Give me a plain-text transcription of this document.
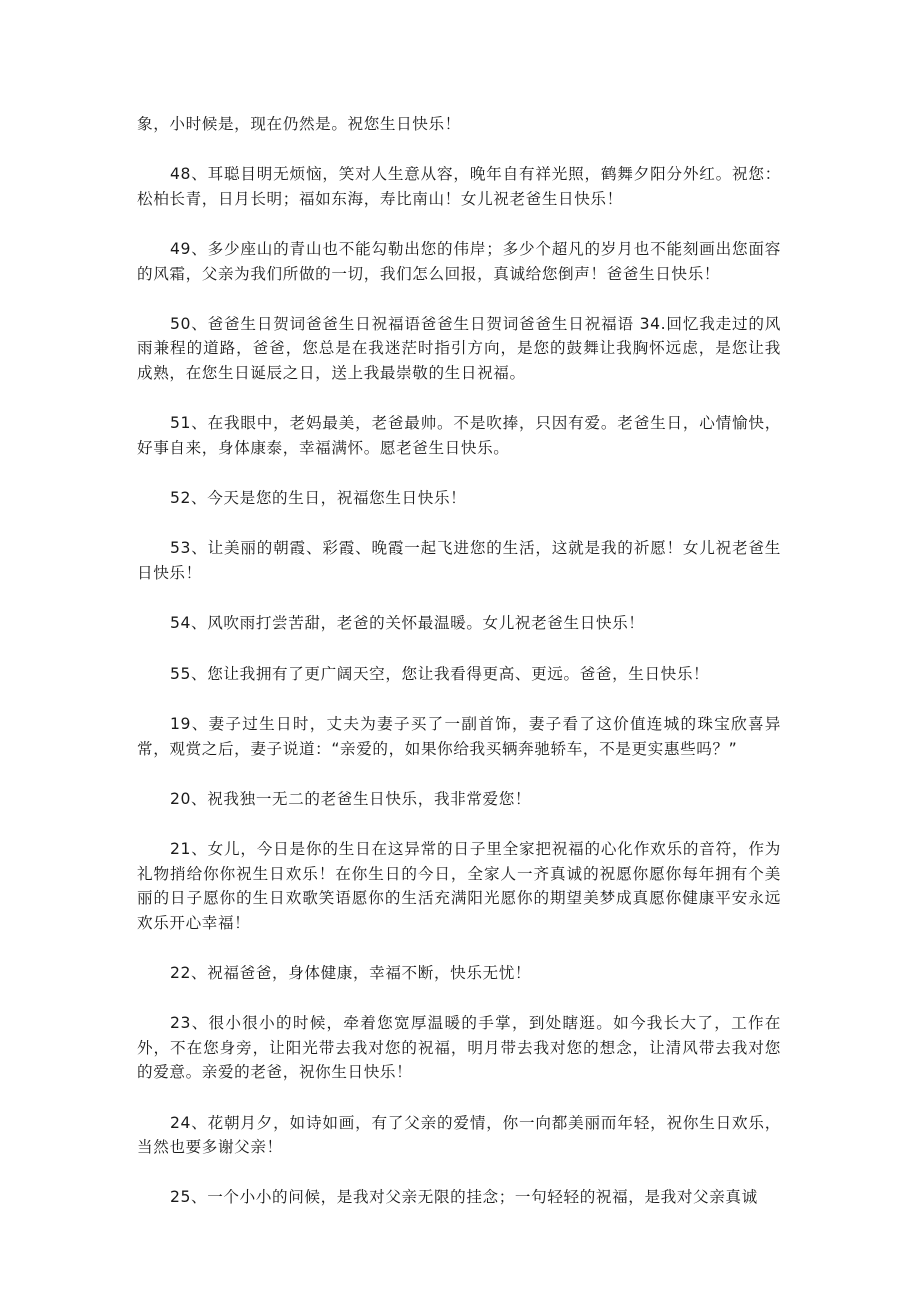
象，小时候是，现在仍然是。祝您生日快乐！

48、耳聪目明无烦恼，笑对人生意从容，晚年自有祥光照，鹤舞夕阳分外红。祝您：松柏长青，日月长明；福如东海，寿比南山！女儿祝老爸生日快乐！

49、多少座山的青山也不能勾勒出您的伟岸；多少个超凡的岁月也不能刻画出您面容的风霜，父亲为我们所做的一切，我们怎么回报，真诚给您倒声！爸爸生日快乐！

50、爸爸生日贺词爸爸生日祝福语爸爸生日贺词爸爸生日祝福语 34.回忆我走过的风雨兼程的道路，爸爸，您总是在我迷茫时指引方向，是您的鼓舞让我胸怀远虑，是您让我成熟，在您生日诞辰之日，送上我最崇敬的生日祝福。

51、在我眼中，老妈最美，老爸最帅。不是吹捧，只因有爱。老爸生日，心情愉快，好事自来，身体康泰，幸福满怀。愿老爸生日快乐。

52、今天是您的生日，祝福您生日快乐！

53、让美丽的朝霞、彩霞、晚霞一起飞进您的生活，这就是我的祈愿！女儿祝老爸生日快乐！

54、风吹雨打尝苦甜，老爸的关怀最温暖。女儿祝老爸生日快乐！

55、您让我拥有了更广阔天空，您让我看得更高、更远。爸爸，生日快乐！

19、妻子过生日时，丈夫为妻子买了一副首饰，妻子看了这价值连城的珠宝欣喜异常，观赏之后，妻子说道：“亲爱的，如果你给我买辆奔驰轿车，不是更实惠些吗？”

20、祝我独一无二的老爸生日快乐，我非常爱您！

21、女儿，今日是你的生日在这异常的日子里全家把祝福的心化作欢乐的音符，作为礼物捎给你你祝生日欢乐！在你生日的今日，全家人一齐真诚的祝愿你愿你每年拥有个美丽的日子愿你的生日欢歌笑语愿你的生活充满阳光愿你的期望美梦成真愿你健康平安永远欢乐开心幸福！

22、祝福爸爸，身体健康，幸福不断，快乐无忧！

23、很小很小的时候，牵着您宽厚温暖的手掌，到处瞎逛。如今我长大了，工作在外，不在您身旁，让阳光带去我对您的祝福，明月带去我对您的想念，让清风带去我对您的爱意。亲爱的老爸，祝你生日快乐！

24、花朝月夕，如诗如画，有了父亲的爱情，你一向都美丽而年轻，祝你生日欢乐，当然也要多谢父亲！

25、一个小小的问候，是我对父亲无限的挂念；一句轻轻的祝福，是我对父亲真诚
